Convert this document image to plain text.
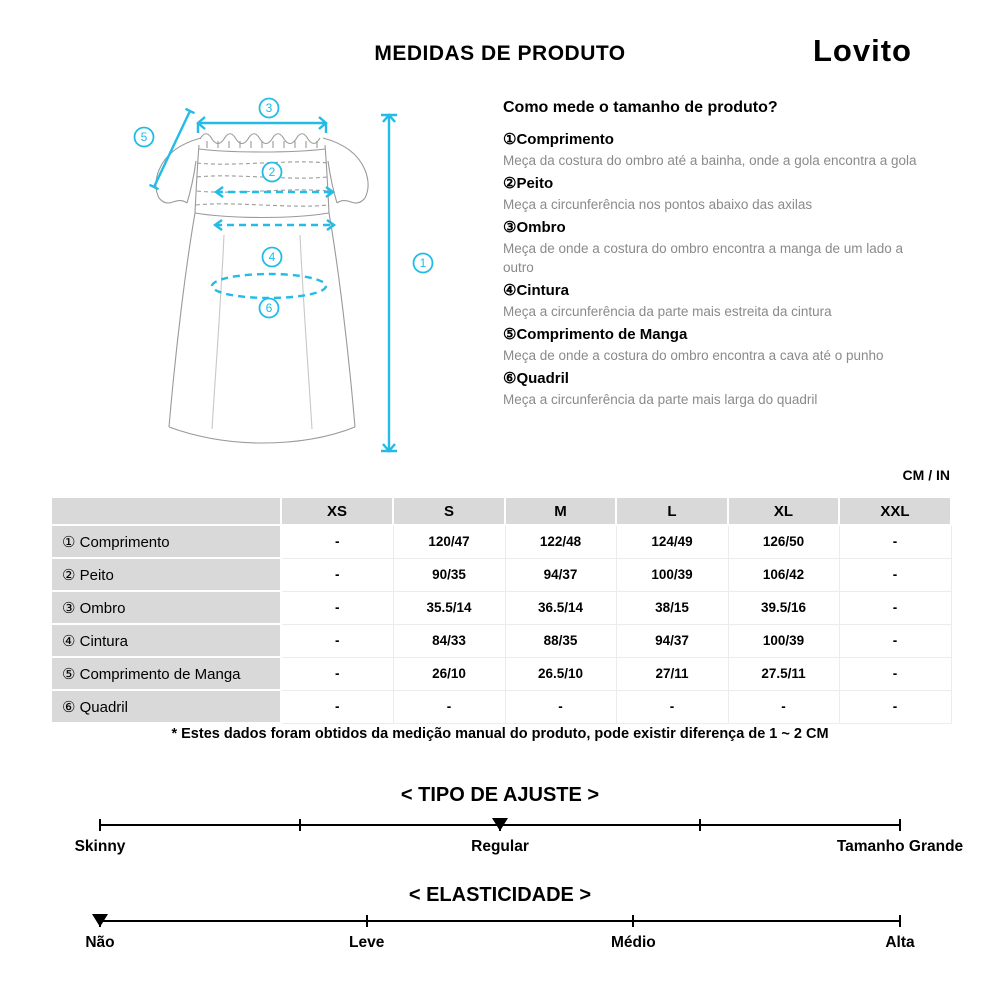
MEDIDAS DE PRODUTO	Lovito
1
2
3
4
5
6
Como mede o tamanho de produto?
①Comprimento
Meça da costura do ombro até a bainha, onde a gola encontra a gola
②Peito
Meça a circunferência nos pontos abaixo das axilas
③Ombro
Meça de onde a costura do ombro encontra a manga de um lado a outro
④Cintura
Meça a circunferência da parte mais estreita da cintura
⑤Comprimento de Manga
Meça de onde a costura do ombro encontra a cava até o punho
⑥Quadril
Meça a circunferência da parte mais larga do quadril
CM / IN
	XS	S	M	L	XL	XXL
① Comprimento	-	120/47	122/48	124/49	126/50	-
② Peito	-	90/35	94/37	100/39	106/42	-
③ Ombro	-	35.5/14	36.5/14	38/15	39.5/16	-
④ Cintura	-	84/33	88/35	94/37	100/39	-
⑤ Comprimento de Manga	-	26/10	26.5/10	27/11	27.5/11	-
⑥ Quadril	-	-	-	-	-	-
* Estes dados foram obtidos da medição manual do produto, pode existir diferença de 1 ~ 2 CM
< TIPO DE AJUSTE >
Skinny	Regular	Tamanho Grande
< ELASTICIDADE >
Não	Leve	Médio	Alta
